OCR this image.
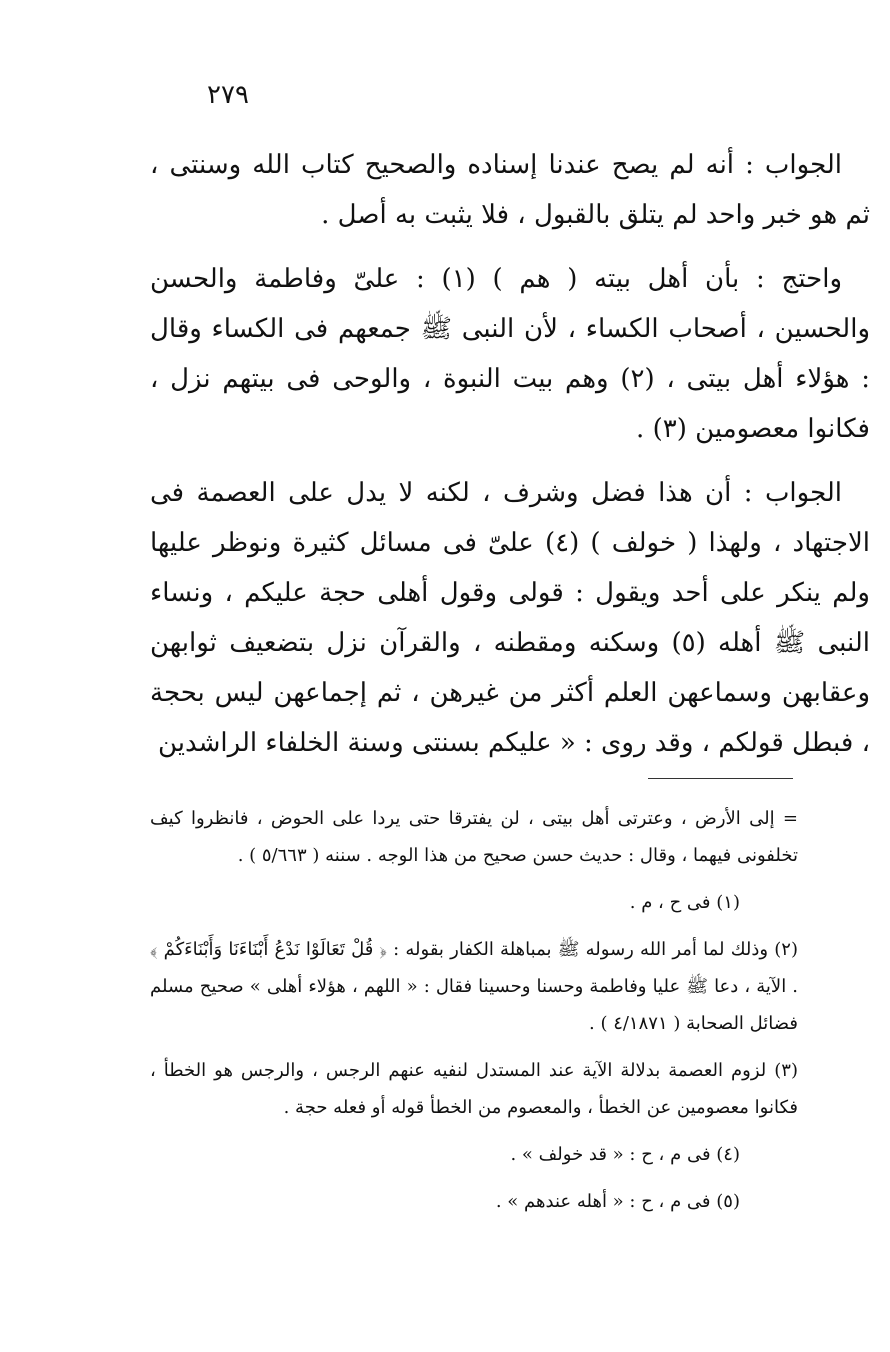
٢٧٩

الجواب : أنه لم يصح عندنا إسناده والصحيح كتاب الله وسنتى ، ثم هو خبر واحد لم يتلق بالقبول ، فلا يثبت به أصل .

واحتج : بأن أهل بيته ( هم ) (١) : علىّ وفاطمة والحسن والحسين ، أصحاب الكساء ، لأن النبى ﷺ جمعهم فى الكساء وقال : هؤلاء أهل بيتى ، (٢) وهم بيت النبوة ، والوحى فى بيتهم نزل ، فكانوا معصومين (٣) .

الجواب : أن هذا فضل وشرف ، لكنه لا يدل على العصمة فى الاجتهاد ، ولهذا ( خولف ) (٤) علىّ فى مسائل كثيرة ونوظر عليها ولم ينكر على أحد ويقول : قولى وقول أهلى حجة عليكم ، ونساء النبى ﷺ أهله (٥) وسكنه ومقطنه ، والقرآن نزل بتضعيف ثوابهن وعقابهن وسماعهن العلم أكثر من غيرهن ، ثم إجماعهن ليس بحجة ، فبطل قولكم ، وقد روى : « عليكم بسنتى وسنة الخلفاء الراشدين

= إلى الأرض ، وعترتى أهل بيتى ، لن يفترقا حتى يردا على الحوض ، فانظروا كيف تخلفونى فيهما ، وقال : حديث حسن صحيح من هذا الوجه . سننه ( ٥/٦٦٣ ) .

(١) فى ح ، م .

(٢) وذلك لما أمر الله رسوله ﷺ بمباهلة الكفار بقوله : ﴿ قُلْ تَعَالَوْا نَدْعُ أَبْنَاءَنَا وَأَبْنَاءَكُمْ ﴾ . الآية ، دعا ﷺ عليا وفاطمة وحسنا وحسينا فقال : « اللهم ، هؤلاء أهلى » صحيح مسلم فضائل الصحابة ( ٤/١٨٧١ ) .

(٣) لزوم العصمة بدلالة الآية عند المستدل لنفيه عنهم الرجس ، والرجس هو الخطأ ، فكانوا معصومين عن الخطأ ، والمعصوم من الخطأ قوله أو فعله حجة .

(٤) فى م ، ح : « قد خولف » .

(٥) فى م ، ح : « أهله عندهم » .
